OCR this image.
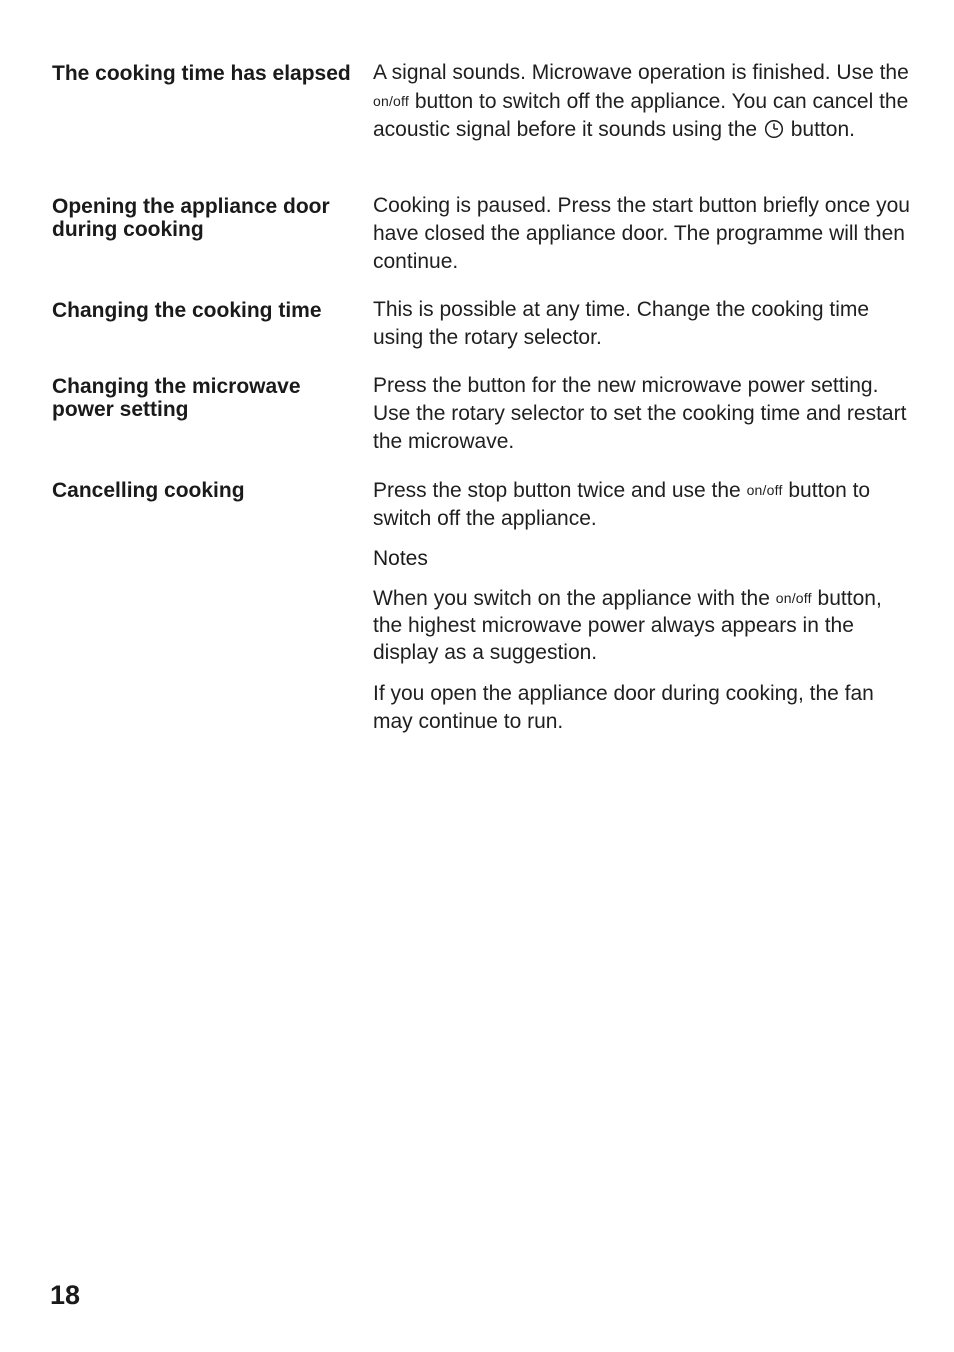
The cooking time has elapsed A signal sounds. Microwave operation is finished. Use the on/off button to switch off the appliance. You can cancel the acoustic signal before it sounds using the  button.
Opening the appliance door during cooking
Cooking is paused. Press the start button briefly once you have closed the appliance door. The programme will then continue.
Changing the cooking time	This is possible at any time. Change the cooking time using the rotary selector.
Changing the microwave power setting
Press the button for the new microwave power setting. Use the rotary selector to set the cooking time and restart the microwave.
Cancelling cooking	Press the stop button twice and use the on/off button to switch off the appliance.
Notes
When you switch on the appliance with the on/off button, the highest microwave power always appears in the display as a suggestion.
If you open the appliance door during cooking, the fan may continue to run.
18
